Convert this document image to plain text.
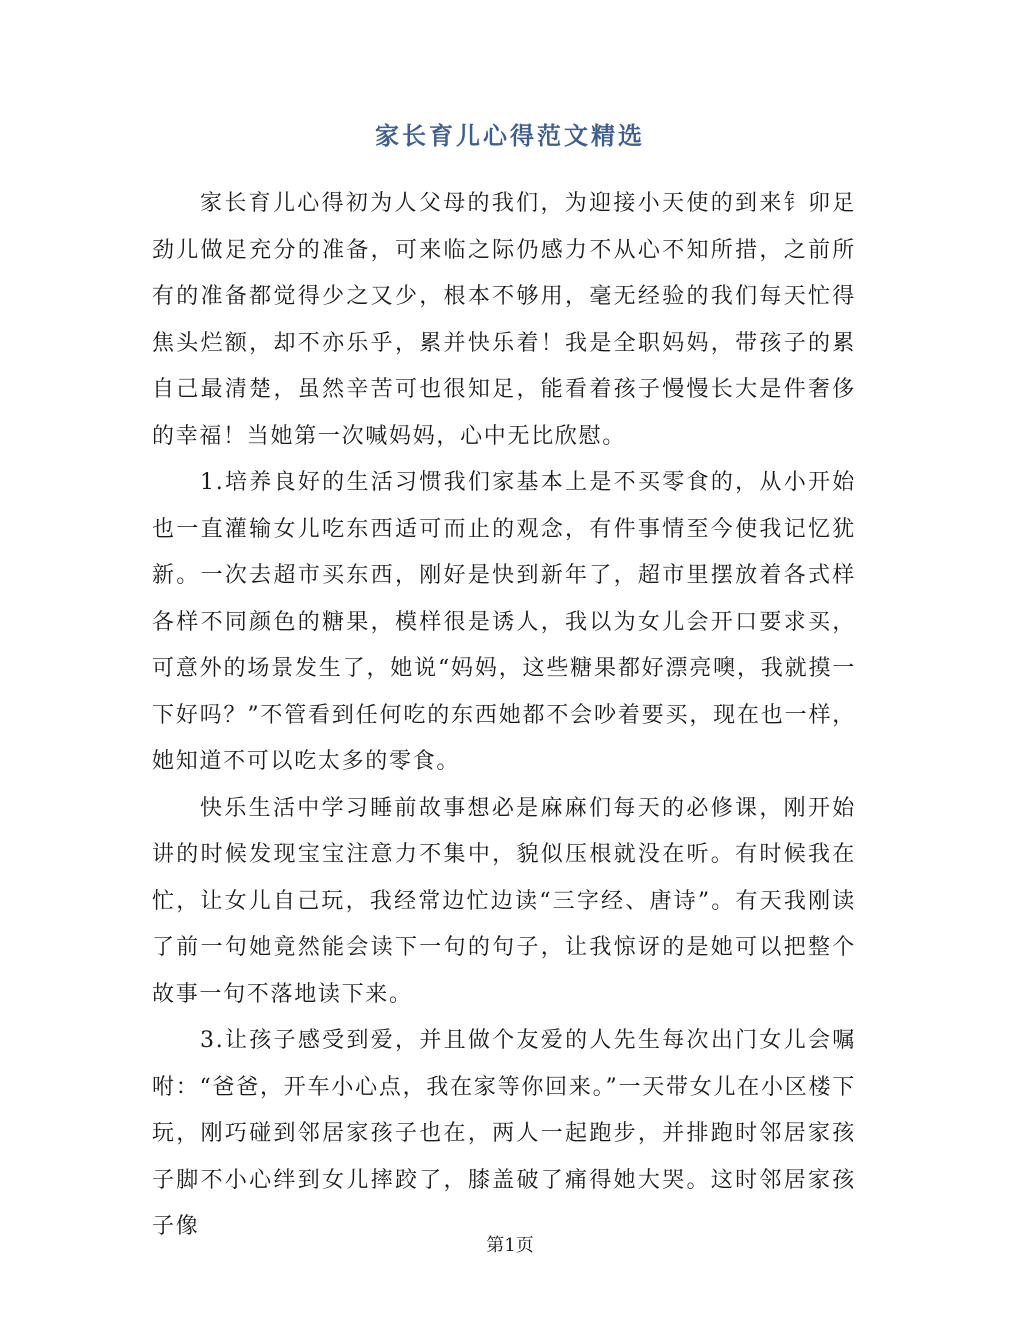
家长育儿心得范文精选

家长育儿心得初为人父母的我们，为迎接小天使的到来钅卯足劲儿做足充分的准备，可来临之际仍感力不从心不知所措，之前所有的准备都觉得少之又少，根本不够用，毫无经验的我们每天忙得焦头烂额，却不亦乐乎，累并快乐着！我是全职妈妈，带孩子的累自己最清楚，虽然辛苦可也很知足，能看着孩子慢慢长大是件奢侈的幸福！当她第一次喊妈妈，心中无比欣慰。

1.培养良好的生活习惯我们家基本上是不买零食的，从小开始也一直灌输女儿吃东西适可而止的观念，有件事情至今使我记忆犹新。一次去超市买东西，刚好是快到新年了，超市里摆放着各式样各样不同颜色的糖果，模样很是诱人，我以为女儿会开口要求买，可意外的场景发生了，她说“妈妈，这些糖果都好漂亮噢，我就摸一下好吗？”不管看到任何吃的东西她都不会吵着要买，现在也一样，她知道不可以吃太多的零食。

快乐生活中学习睡前故事想必是麻麻们每天的必修课，刚开始讲的时候发现宝宝注意力不集中，貌似压根就没在听。有时候我在忙，让女儿自己玩，我经常边忙边读“三字经、唐诗”。有天我刚读了前一句她竟然能会读下一句的句子，让我惊讶的是她可以把整个故事一句不落地读下来。

3.让孩子感受到爱，并且做个友爱的人先生每次出门女儿会嘱咐：“爸爸，开车小心点，我在家等你回来。”一天带女儿在小区楼下玩，刚巧碰到邻居家孩子也在，两人一起跑步，并排跑时邻居家孩子脚不小心绊到女儿摔跤了，膝盖破了痛得她大哭。这时邻居家孩子像

第1页
